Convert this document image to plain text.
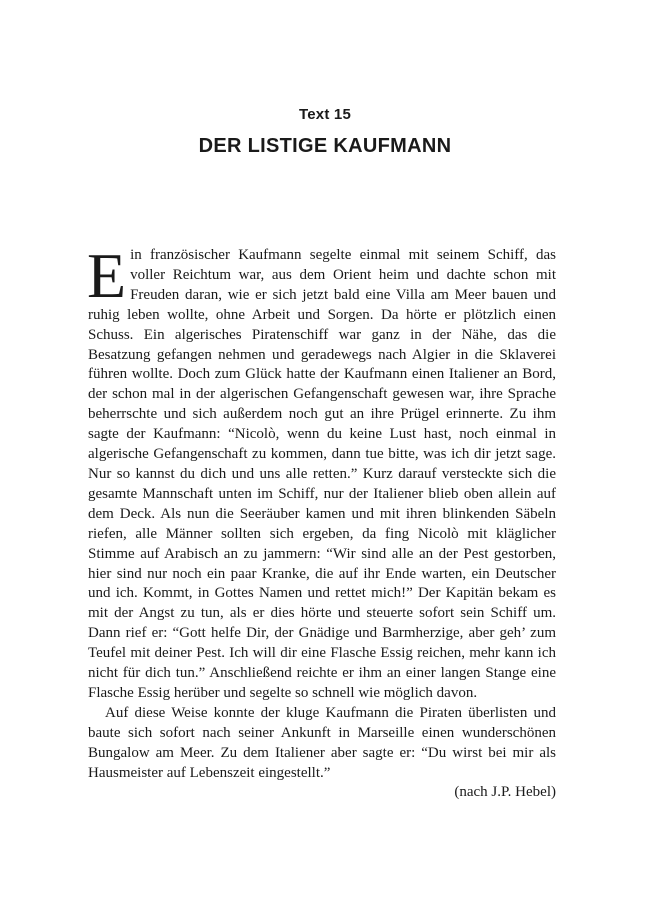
Text 15
DER LISTIGE KAUFMANN

Ein französischer Kaufmann segelte einmal mit seinem Schiff, das voller Reichtum war, aus dem Orient heim und dachte schon mit Freuden daran, wie er sich jetzt bald eine Villa am Meer bauen und ruhig leben wollte, ohne Arbeit und Sorgen. Da hörte er plötzlich einen Schuss. Ein algerisches Piratenschiff war ganz in der Nähe, das die Besatzung gefangen nehmen und geradewegs nach Algier in die Sklaverei führen wollte. Doch zum Glück hatte der Kaufmann einen Italiener an Bord, der schon mal in der algerischen Gefangenschaft gewesen war, ihre Sprache beherrschte und sich außerdem noch gut an ihre Prügel erinnerte. Zu ihm sagte der Kaufmann: “Nicolò, wenn du keine Lust hast, noch einmal in algerische Gefangenschaft zu kommen, dann tue bitte, was ich dir jetzt sage. Nur so kannst du dich und uns alle retten.” Kurz darauf versteckte sich die gesamte Mannschaft unten im Schiff, nur der Italiener blieb oben allein auf dem Deck. Als nun die Seeräuber kamen und mit ihren blinkenden Säbeln riefen, alle Männer sollten sich ergeben, da fing Nicolò mit kläglicher Stimme auf Arabisch an zu jammern: “Wir sind alle an der Pest gestorben, hier sind nur noch ein paar Kranke, die auf ihr Ende warten, ein Deutscher und ich. Kommt, in Gottes Namen und rettet mich!” Der Kapitän bekam es mit der Angst zu tun, als er dies hörte und steuerte sofort sein Schiff um. Dann rief er: “Gott helfe Dir, der Gnädige und Barmherzige, aber geh’ zum Teufel mit deiner Pest. Ich will dir eine Flasche Essig reichen, mehr kann ich nicht für dich tun.” Anschließend reichte er ihm an einer langen Stange eine Flasche Essig herüber und segelte so schnell wie möglich davon.

Auf diese Weise konnte der kluge Kaufmann die Piraten überlisten und baute sich sofort nach seiner Ankunft in Marseille einen wunderschönen Bungalow am Meer. Zu dem Italiener aber sagte er: “Du wirst bei mir als Hausmeister auf Lebenszeit eingestellt.”

(nach J.P. Hebel)
